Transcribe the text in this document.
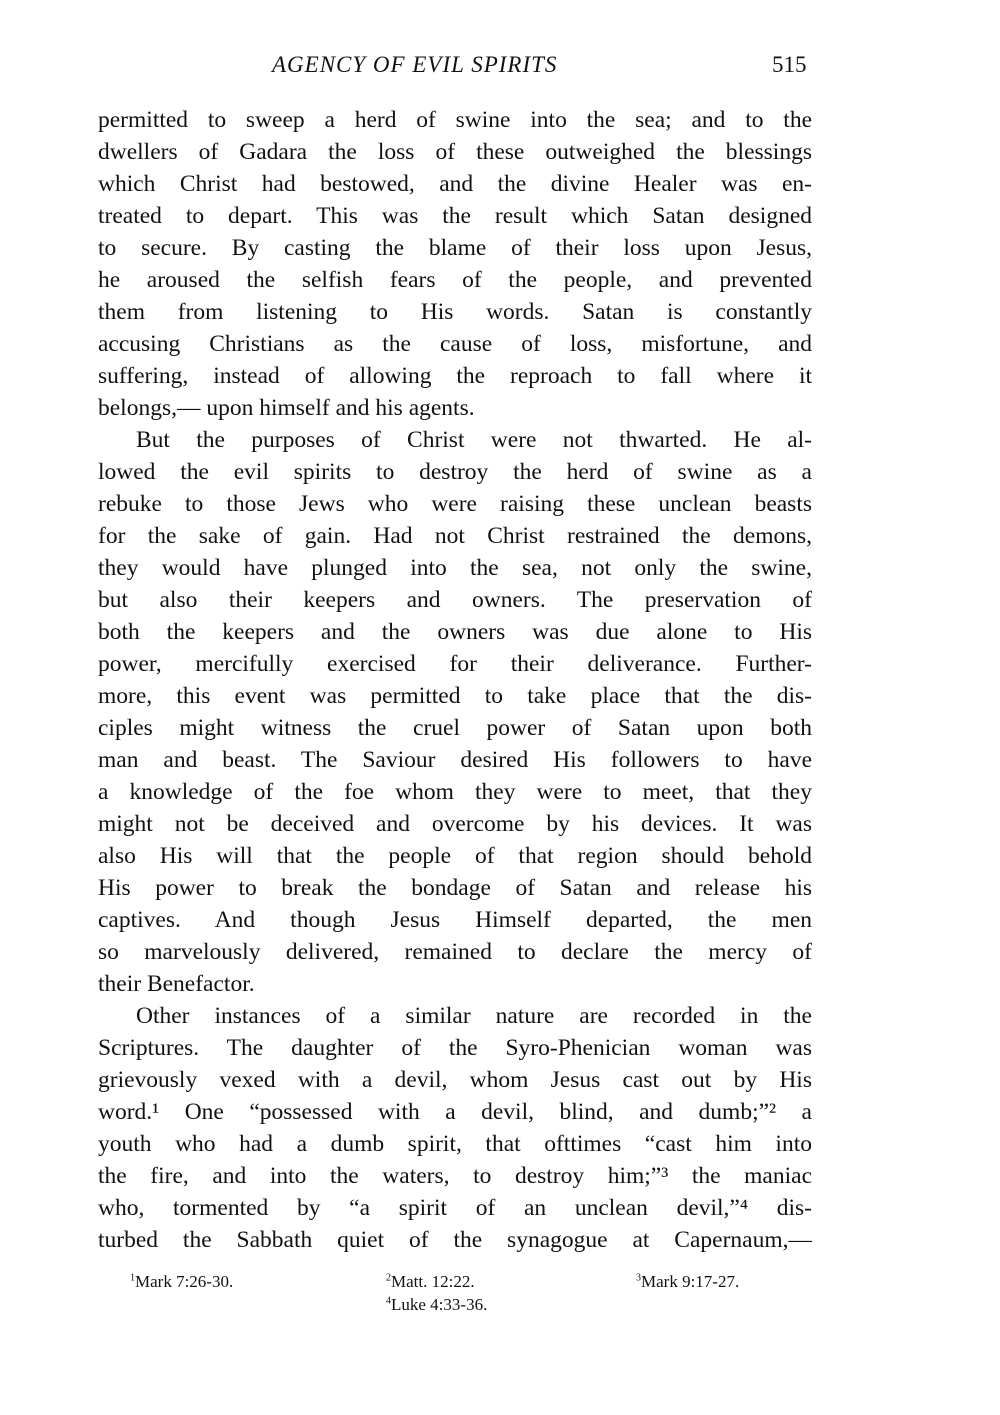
AGENCY OF EVIL SPIRITS	515
permitted to sweep a herd of swine into the sea; and to the
dwellers of Gadara the loss of these outweighed the blessings
which Christ had bestowed, and the divine Healer was en-
treated to depart. This was the result which Satan designed
to secure. By casting the blame of their loss upon Jesus,
he aroused the selfish fears of the people, and prevented
them from listening to His words. Satan is constantly
accusing Christians as the cause of loss, misfortune, and
suffering, instead of allowing the reproach to fall where it
belongs,— upon himself and his agents.
But the purposes of Christ were not thwarted. He al-
lowed the evil spirits to destroy the herd of swine as a
rebuke to those Jews who were raising these unclean beasts
for the sake of gain. Had not Christ restrained the demons,
they would have plunged into the sea, not only the swine,
but also their keepers and owners. The preservation of
both the keepers and the owners was due alone to His
power, mercifully exercised for their deliverance. Further-
more, this event was permitted to take place that the dis-
ciples might witness the cruel power of Satan upon both
man and beast. The Saviour desired His followers to have
a knowledge of the foe whom they were to meet, that they
might not be deceived and overcome by his devices. It was
also His will that the people of that region should behold
His power to break the bondage of Satan and release his
captives. And though Jesus Himself departed, the men
so marvelously delivered, remained to declare the mercy of
their Benefactor.
Other instances of a similar nature are recorded in the
Scriptures. The daughter of the Syro-Phenician woman was
grievously vexed with a devil, whom Jesus cast out by His
word.¹ One “possessed with a devil, blind, and dumb;”² a
youth who had a dumb spirit, that ofttimes “cast him into
the fire, and into the waters, to destroy him;”³ the maniac
who, tormented by “a spirit of an unclean devil,”⁴ dis-
turbed the Sabbath quiet of the synagogue at Capernaum,—
$^1$Mark 7:26-30.	$^2$Matt. 12:22.	$^3$Mark 9:17-27.
$^4$Luke 4:33-36.
